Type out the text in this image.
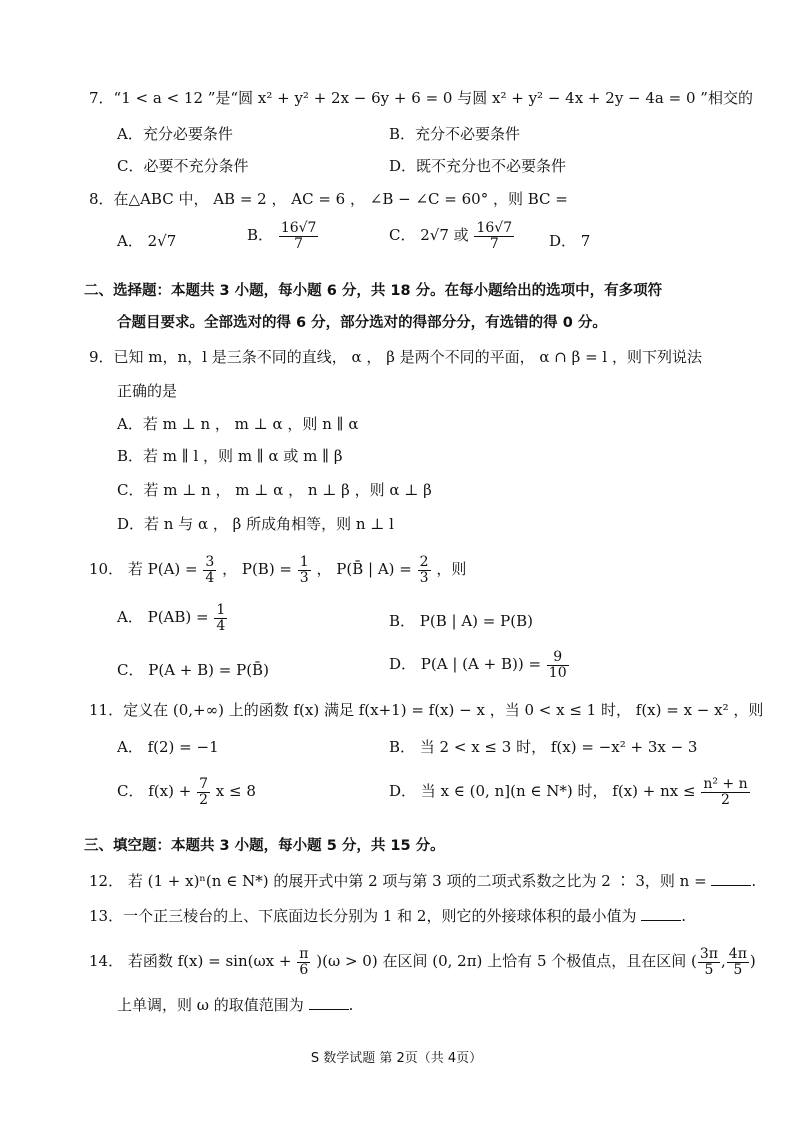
7．“1 < a < 12 ”是“圆 x² + y² + 2x − 6y + 6 = 0 与圆 x² + y² − 4x + 2y − 4a = 0 ”相交的
A．充分必要条件	B．充分不必要条件
C．必要不充分条件	D．既不充分也不必要条件
8．在△ABC 中， AB = 2 ， AC = 6 ， ∠B − ∠C = 60° ，则 BC =
A． 2√7	B． $\frac{16√7}{7}$	C． 2√7 或 $\frac{16√7}{7}$ D． 7
二、选择题：本题共 3 小题，每小题 6 分，共 18 分。在每小题给出的选项中，有多项符
合题目要求。全部选对的得 6 分，部分选对的得部分分，有选错的得 0 分。
9．已知 m，n，l 是三条不同的直线， α ， β 是两个不同的平面， α ∩ β = l ，则下列说法
正确的是
A．若 m ⊥ n ， m ⊥ α ，则 n ∥ α
B．若 m ∥ l ，则 m ∥ α 或 m ∥ β
C．若 m ⊥ n ， m ⊥ α ， n ⊥ β ，则 α ⊥ β
D．若 n 与 α ， β 所成角相等，则 n ⊥ l
10． 若 $P(A) = \frac{3}{4}$ ， $P(B) = \frac{1}{3}$ ， P(B̄ | $A) = \frac{2}{3}$ ，则
A． $P(AB) = \frac{1}{4}$	B． P(B | A) = P(B)
C． P(A + B) = P(B̄)	D． P(A | $(A + B)) = \frac{9}{10}$
11．定义在 (0,+∞) 上的函数 f(x) 满足 f(x+1) = f(x) − x ，当 0 < x ≤ 1 时， f(x) = x − x² ，则
A． f(2) = −1	B． 当 2 < x ≤ 3 时， f(x) = −x² + 3x − 3
C． $f(x) + \frac{7}{2}$ x ≤ 8	D． 当 x ∈ (0, n](n ∈ N*) 时， f(x) + nx ≤ $\frac{\text{n² + n}}{2}$
三、填空题：本题共 3 小题，每小题 5 分，共 15 分。
12． 若 (1 + x)ⁿ(n ∈ N*) 的展开式中第 2 项与第 3 项的二项式系数之比为 2 ∶ 3，则 n =	.
13．一个正三棱台的上、下底面边长分别为 1 和 2，则它的外接球体积的最小值为	.
14． 若函数 $f(x) = \sin(\omega x + \frac{\pi}{6} )(\omega > 0)$ 在区间 (0, 2π) 上恰有 5 个极值点，且在区间 ( $\frac{3\pi}{5}$ , $\frac{4\pi}{5}$ )
上单调，则 ω 的取值范围为	.
S 数学试题 第 2页（共 4页）
